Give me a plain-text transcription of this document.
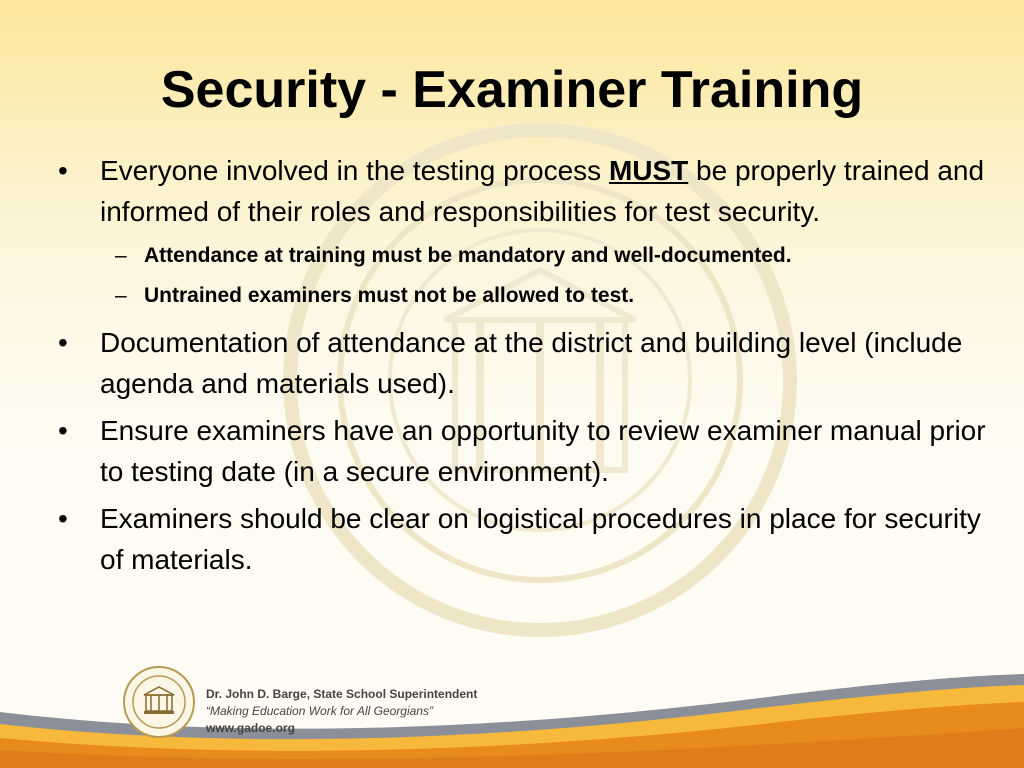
Security - Examiner Training
• Everyone involved in the testing process MUST be properly trained and informed of their roles and responsibilities for test security.
– Attendance at training must be mandatory and well-documented.
– Untrained examiners must not be allowed to test.
• Documentation of attendance at the district and building level (include agenda and materials used).
• Ensure examiners have an opportunity to review examiner manual prior to testing date (in a secure environment).
• Examiners should be clear on logistical procedures in place for security of materials.
Dr. John D. Barge, State School Superintendent
“Making Education Work for All Georgians”
www.gadoe.org
